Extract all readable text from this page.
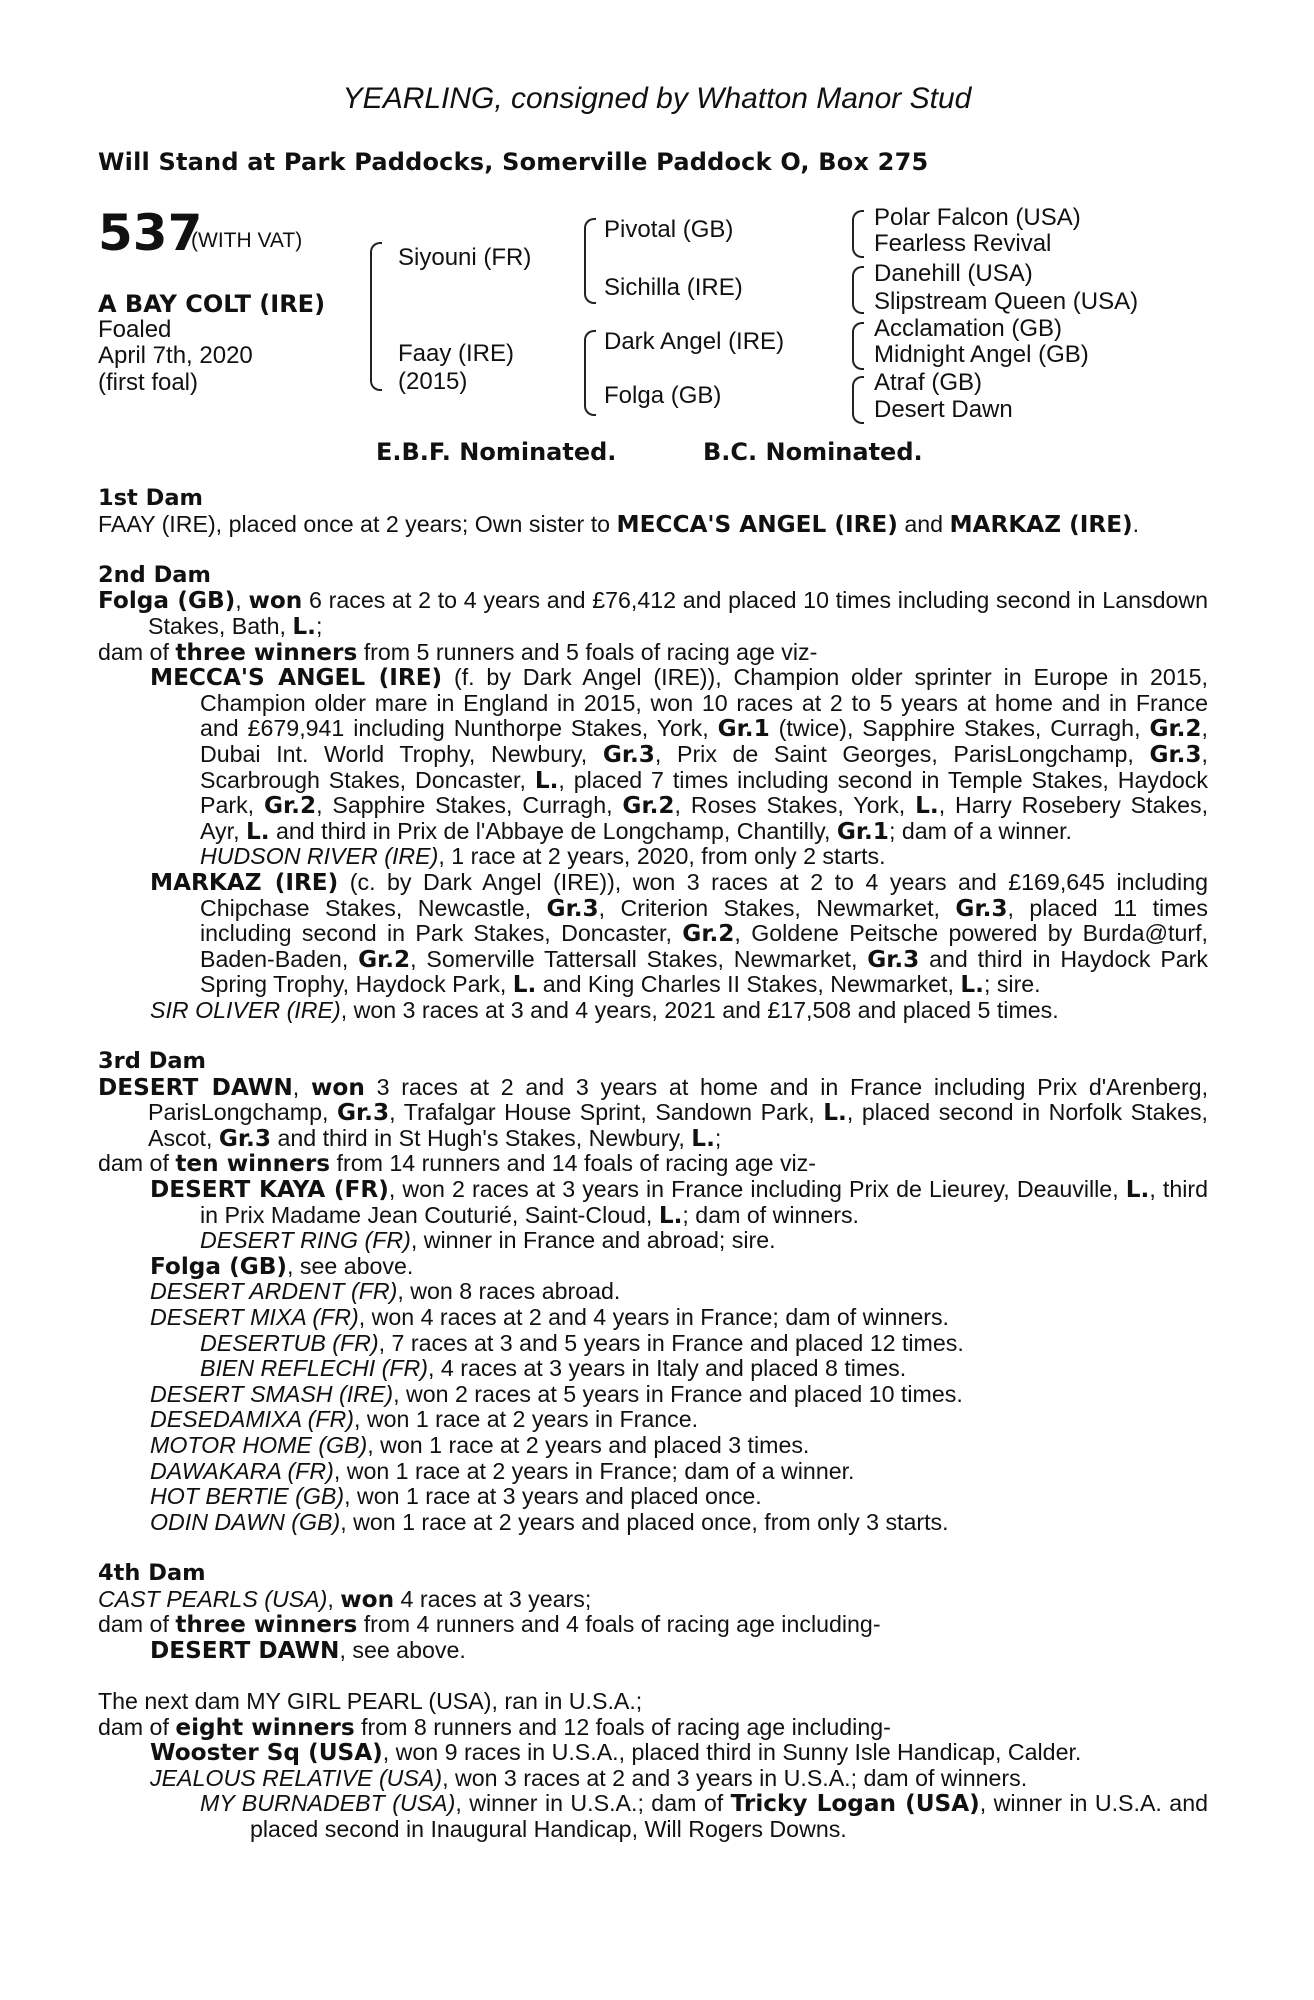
YEARLING, consigned by Whatton Manor Stud
Will Stand at Park Paddocks, Somerville Paddock O, Box 275
537
(WITH VAT)
A BAY COLT (IRE)
Foaled
April 7th, 2020
(first foal)
Siyouni (FR)
Faay (IRE)
(2015)
Pivotal (GB)
Sichilla (IRE)
Dark Angel (IRE)
Folga (GB)
Polar Falcon (USA)
Fearless Revival
Danehill (USA)
Slipstream Queen (USA)
Acclamation (GB)
Midnight Angel (GB)
Atraf (GB)
Desert Dawn
E.B.F. Nominated.	B.C. Nominated.

1st Dam

FAAY (IRE), placed once at 2 years; Own sister to MECCA'S ANGEL (IRE) and MARKAZ (IRE).

2nd Dam

Folga (GB), won 6 races at 2 to 4 years and £76,412 and placed 10 times including second in Lansdown Stakes, Bath, L.;

dam of three winners from 5 runners and 5 foals of racing age viz-

MECCA'S ANGEL (IRE) (f. by Dark Angel (IRE)), Champion older sprinter in Europe in 2015, Champion older mare in England in 2015, won 10 races at 2 to 5 years at home and in France and £679,941 including Nunthorpe Stakes, York, Gr.1 (twice), Sapphire Stakes, Curragh, Gr.2, Dubai Int. World Trophy, Newbury, Gr.3, Prix de Saint Georges, ParisLongchamp, Gr.3, Scarbrough Stakes, Doncaster, L., placed 7 times including second in Temple Stakes, Haydock Park, Gr.2, Sapphire Stakes, Curragh, Gr.2, Roses Stakes, York, L., Harry Rosebery Stakes, Ayr, L. and third in Prix de l'Abbaye de Longchamp, Chantilly, Gr.1; dam of a winner.

HUDSON RIVER (IRE), 1 race at 2 years, 2020, from only 2 starts.

MARKAZ (IRE) (c. by Dark Angel (IRE)), won 3 races at 2 to 4 years and £169,645 including Chipchase Stakes, Newcastle, Gr.3, Criterion Stakes, Newmarket, Gr.3, placed 11 times including second in Park Stakes, Doncaster, Gr.2, Goldene Peitsche powered by Burda@turf, Baden-Baden, Gr.2, Somerville Tattersall Stakes, Newmarket, Gr.3 and third in Haydock Park Spring Trophy, Haydock Park, L. and King Charles II Stakes, Newmarket, L.; sire.

SIR OLIVER (IRE), won 3 races at 3 and 4 years, 2021 and £17,508 and placed 5 times.

3rd Dam

DESERT DAWN, won 3 races at 2 and 3 years at home and in France including Prix d'Arenberg, ParisLongchamp, Gr.3, Trafalgar House Sprint, Sandown Park, L., placed second in Norfolk Stakes, Ascot, Gr.3 and third in St Hugh's Stakes, Newbury, L.;

dam of ten winners from 14 runners and 14 foals of racing age viz-

DESERT KAYA (FR), won 2 races at 3 years in France including Prix de Lieurey, Deauville, L., third in Prix Madame Jean Couturié, Saint-Cloud, L.; dam of winners.

DESERT RING (FR), winner in France and abroad; sire.

Folga (GB), see above.

DESERT ARDENT (FR), won 8 races abroad.

DESERT MIXA (FR), won 4 races at 2 and 4 years in France; dam of winners.

DESERTUB (FR), 7 races at 3 and 5 years in France and placed 12 times.

BIEN REFLECHI (FR), 4 races at 3 years in Italy and placed 8 times.

DESERT SMASH (IRE), won 2 races at 5 years in France and placed 10 times.

DESEDAMIXA (FR), won 1 race at 2 years in France.

MOTOR HOME (GB), won 1 race at 2 years and placed 3 times.

DAWAKARA (FR), won 1 race at 2 years in France; dam of a winner.

HOT BERTIE (GB), won 1 race at 3 years and placed once.

ODIN DAWN (GB), won 1 race at 2 years and placed once, from only 3 starts.

4th Dam

CAST PEARLS (USA), won 4 races at 3 years;

dam of three winners from 4 runners and 4 foals of racing age including-

DESERT DAWN, see above.

The next dam MY GIRL PEARL (USA), ran in U.S.A.;

dam of eight winners from 8 runners and 12 foals of racing age including-

Wooster Sq (USA), won 9 races in U.S.A., placed third in Sunny Isle Handicap, Calder.

JEALOUS RELATIVE (USA), won 3 races at 2 and 3 years in U.S.A.; dam of winners.

MY BURNADEBT (USA), winner in U.S.A.; dam of Tricky Logan (USA), winner in U.S.A. and placed second in Inaugural Handicap, Will Rogers Downs.
